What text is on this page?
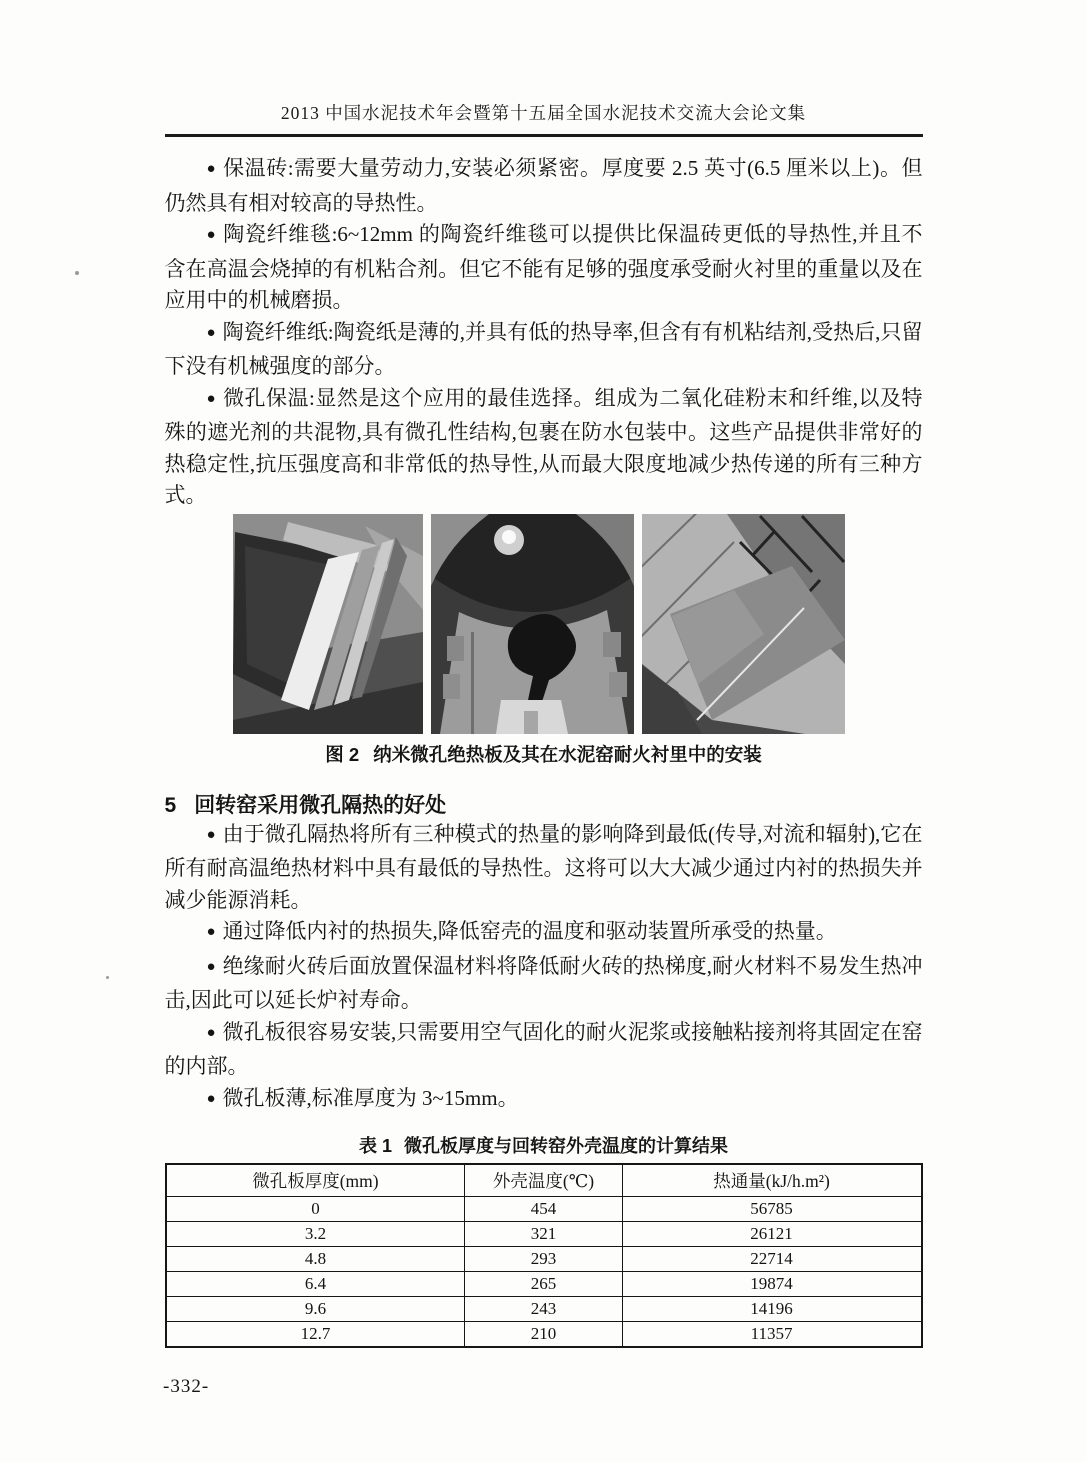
2013 中国水泥技术年会暨第十五届全国水泥技术交流大会论文集

● 保温砖:需要大量劳动力,安装必须紧密。厚度要 2.5 英寸(6.5 厘米以上)。但仍然具有相对较高的导热性。

● 陶瓷纤维毯:6~12mm 的陶瓷纤维毯可以提供比保温砖更低的导热性,并且不含在高温会烧掉的有机粘合剂。但它不能有足够的强度承受耐火衬里的重量以及在应用中的机械磨损。

● 陶瓷纤维纸:陶瓷纸是薄的,并具有低的热导率,但含有有机粘结剂,受热后,只留下没有机械强度的部分。

● 微孔保温:显然是这个应用的最佳选择。组成为二氧化硅粉末和纤维,以及特殊的遮光剂的共混物,具有微孔性结构,包裹在防水包装中。这些产品提供非常好的热稳定性,抗压强度高和非常低的热导性,从而最大限度地减少热传递的所有三种方式。

图 2 纳米微孔绝热板及其在水泥窑耐火衬里中的安装
5 回转窑采用微孔隔热的好处

● 由于微孔隔热将所有三种模式的热量的影响降到最低(传导,对流和辐射),它在所有耐高温绝热材料中具有最低的导热性。这将可以大大减少通过内衬的热损失并减少能源消耗。

● 通过降低内衬的热损失,降低窑壳的温度和驱动装置所承受的热量。

● 绝缘耐火砖后面放置保温材料将降低耐火砖的热梯度,耐火材料不易发生热冲击,因此可以延长炉衬寿命。

● 微孔板很容易安装,只需要用空气固化的耐火泥浆或接触粘接剂将其固定在窑的内部。

● 微孔板薄,标准厚度为 3~15mm。

表 1 微孔板厚度与回转窑外壳温度的计算结果
微孔板厚度(mm)	外壳温度(℃)	热通量(kJ/h.m²)
0	454	56785
3.2	321	26121
4.8	293	22714
6.4	265	19874
9.6	243	14196
12.7	210	11357
-332-
